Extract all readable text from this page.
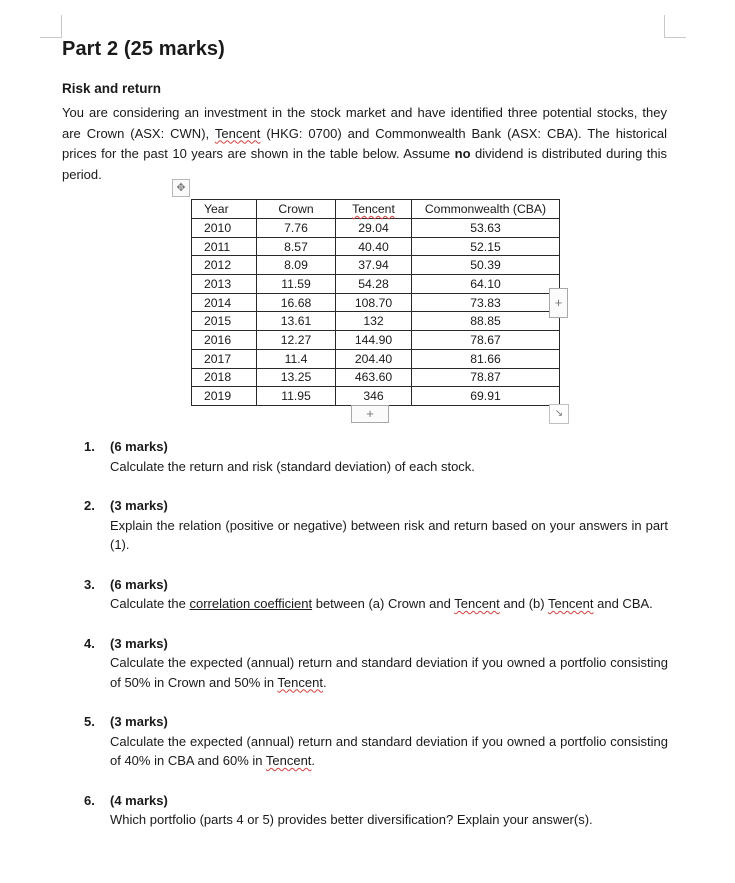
Part 2 (25 marks)
Risk and return
You are considering an investment in the stock market and have identified three potential stocks, they are Crown (ASX: CWN), Tencent (HKG: 0700) and Commonwealth Bank (ASX: CBA). The historical prices for the past 10 years are shown in the table below. Assume no dividend is distributed during this period.
✥
Year	Crown	Tencent	Commonwealth (CBA)
2010	7.76	29.04	53.63
2011	8.57	40.40	52.15
2012	8.09	37.94	50.39
2013	11.59	54.28	64.10
2014	16.68	108.70	73.83
2015	13.61	132	88.85
2016	12.27	144.90	78.67
2017	11.4	204.40	81.66
2018	13.25	463.60	78.87
2019	11.95	346	69.91
+
+	↘
1. (6 marks)
Calculate the return and risk (standard deviation) of each stock.
2. (3 marks)
Explain the relation (positive or negative) between risk and return based on your answers in part (1).
3. (6 marks)
Calculate the correlation coefficient between (a) Crown and Tencent and (b) Tencent and CBA.
4. (3 marks)
Calculate the expected (annual) return and standard deviation if you owned a portfolio consisting of 50% in Crown and 50% in Tencent.
5. (3 marks)
Calculate the expected (annual) return and standard deviation if you owned a portfolio consisting of 40% in CBA and 60% in Tencent.
6. (4 marks)
Which portfolio (parts 4 or 5) provides better diversification? Explain your answer(s).
